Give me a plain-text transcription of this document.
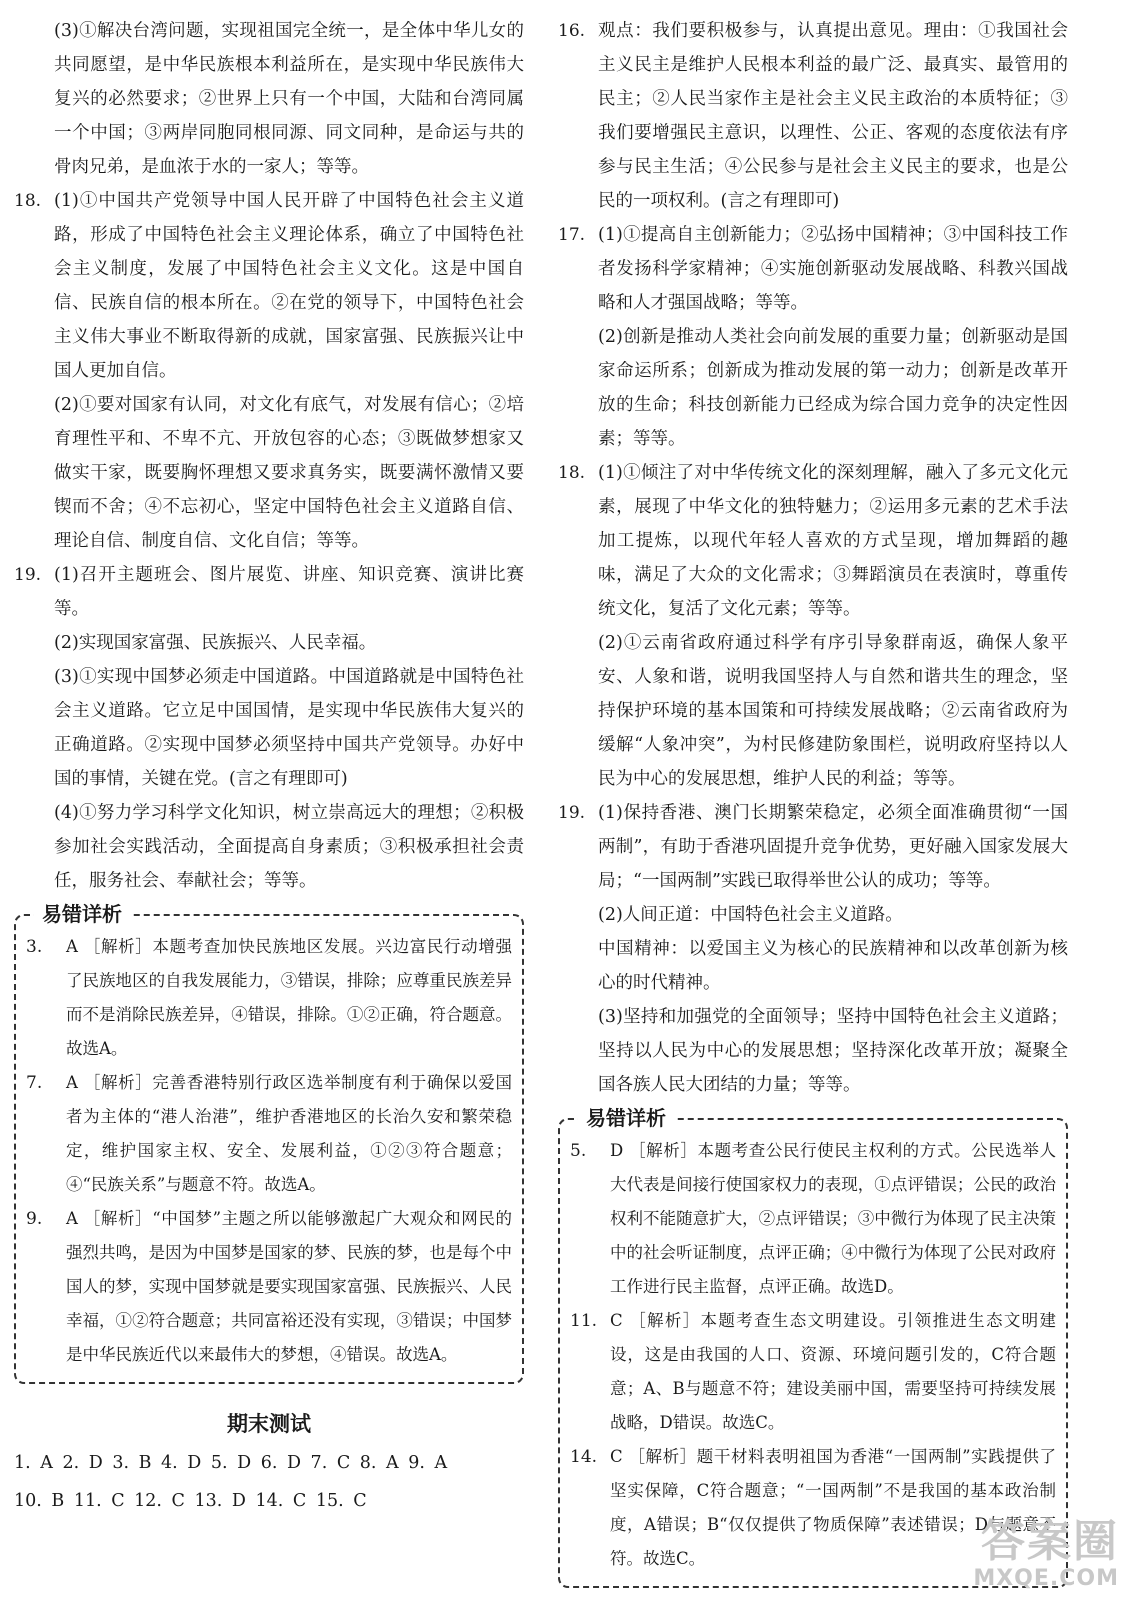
(3)①解决台湾问题，实现祖国完全统一，是全体中华儿女的共同愿望，是中华民族根本利益所在，是实现中华民族伟大复兴的必然要求；②世界上只有一个中国，大陆和台湾同属一个中国；③两岸同胞同根同源、同文同种，是命运与共的骨肉兄弟，是血浓于水的一家人；等等。
18. (1)①中国共产党领导中国人民开辟了中国特色社会主义道路，形成了中国特色社会主义理论体系，确立了中国特色社会主义制度，发展了中国特色社会主义文化。这是中国自信、民族自信的根本所在。②在党的领导下，中国特色社会主义伟大事业不断取得新的成就，国家富强、民族振兴让中国人更加自信。
(2)①要对国家有认同，对文化有底气，对发展有信心；②培育理性平和、不卑不亢、开放包容的心态；③既做梦想家又做实干家，既要胸怀理想又要求真务实，既要满怀激情又要锲而不舍；④不忘初心，坚定中国特色社会主义道路自信、理论自信、制度自信、文化自信；等等。
19. (1)召开主题班会、图片展览、讲座、知识竞赛、演讲比赛等。
(2)实现国家富强、民族振兴、人民幸福。
(3)①实现中国梦必须走中国道路。中国道路就是中国特色社会主义道路。它立足中国国情，是实现中华民族伟大复兴的正确道路。②实现中国梦必须坚持中国共产党领导。办好中国的事情，关键在党。(言之有理即可)
(4)①努力学习科学文化知识，树立崇高远大的理想；②积极参加社会实践活动，全面提高自身素质；③积极承担社会责任，服务社会、奉献社会；等等。
易错详析
3.	A ［解析］本题考查加快民族地区发展。兴边富民行动增强了民族地区的自我发展能力，③错误，排除；应尊重民族差异而不是消除民族差异，④错误，排除。①②正确，符合题意。故选A。
7.	A ［解析］完善香港特别行政区选举制度有利于确保以爱国者为主体的“港人治港”，维护香港地区的长治久安和繁荣稳定，维护国家主权、安全、发展利益，①②③符合题意；④“民族关系”与题意不符。故选A。
9.	A ［解析］“中国梦”主题之所以能够激起广大观众和网民的强烈共鸣，是因为中国梦是国家的梦、民族的梦，也是每个中国人的梦，实现中国梦就是要实现国家富强、民族振兴、人民幸福，①②符合题意；共同富裕还没有实现，③错误；中国梦是中华民族近代以来最伟大的梦想，④错误。故选A。
期末测试
1. A 2. D 3. B 4. D 5. D 6. D 7. C 8. A 9. A
10. B 11. C 12. C 13. D 14. C 15. C
16. 观点：我们要积极参与，认真提出意见。理由：①我国社会主义民主是维护人民根本利益的最广泛、最真实、最管用的民主；②人民当家作主是社会主义民主政治的本质特征；③我们要增强民主意识，以理性、公正、客观的态度依法有序参与民主生活；④公民参与是社会主义民主的要求，也是公民的一项权利。(言之有理即可)
17. (1)①提高自主创新能力；②弘扬中国精神；③中国科技工作者发扬科学家精神；④实施创新驱动发展战略、科教兴国战略和人才强国战略；等等。
(2)创新是推动人类社会向前发展的重要力量；创新驱动是国家命运所系；创新成为推动发展的第一动力；创新是改革开放的生命；科技创新能力已经成为综合国力竞争的决定性因素；等等。
18. (1)①倾注了对中华传统文化的深刻理解，融入了多元文化元素，展现了中华文化的独特魅力；②运用多元素的艺术手法加工提炼，以现代年轻人喜欢的方式呈现，增加舞蹈的趣味，满足了大众的文化需求；③舞蹈演员在表演时，尊重传统文化，复活了文化元素；等等。
(2)①云南省政府通过科学有序引导象群南返，确保人象平安、人象和谐，说明我国坚持人与自然和谐共生的理念，坚持保护环境的基本国策和可持续发展战略；②云南省政府为缓解“人象冲突”，为村民修建防象围栏，说明政府坚持以人民为中心的发展思想，维护人民的利益；等等。
19. (1)保持香港、澳门长期繁荣稳定，必须全面准确贯彻“一国两制”，有助于香港巩固提升竞争优势，更好融入国家发展大局；“一国两制”实践已取得举世公认的成功；等等。
(2)人间正道：中国特色社会主义道路。
中国精神：以爱国主义为核心的民族精神和以改革创新为核心的时代精神。
(3)坚持和加强党的全面领导；坚持中国特色社会主义道路；坚持以人民为中心的发展思想；坚持深化改革开放；凝聚全国各族人民大团结的力量；等等。
易错详析
5.	D ［解析］本题考查公民行使民主权利的方式。公民选举人大代表是间接行使国家权力的表现，①点评错误；公民的政治权利不能随意扩大，②点评错误；③中微行为体现了民主决策中的社会听证制度，点评正确；④中微行为体现了公民对政府工作进行民主监督，点评正确。故选D。
11. C ［解析］本题考查生态文明建设。引领推进生态文明建设，这是由我国的人口、资源、环境问题引发的，C符合题意；A、B与题意不符；建设美丽中国，需要坚持可持续发展战略，D错误。故选C。
14. C ［解析］题干材料表明祖国为香港“一国两制”实践提供了坚实保障，C符合题意；“一国两制”不是我国的基本政治制度，A错误；B“仅仅提供了物质保障”表述错误；D与题意不符。故选C。	答案圈
MXQE.COM
